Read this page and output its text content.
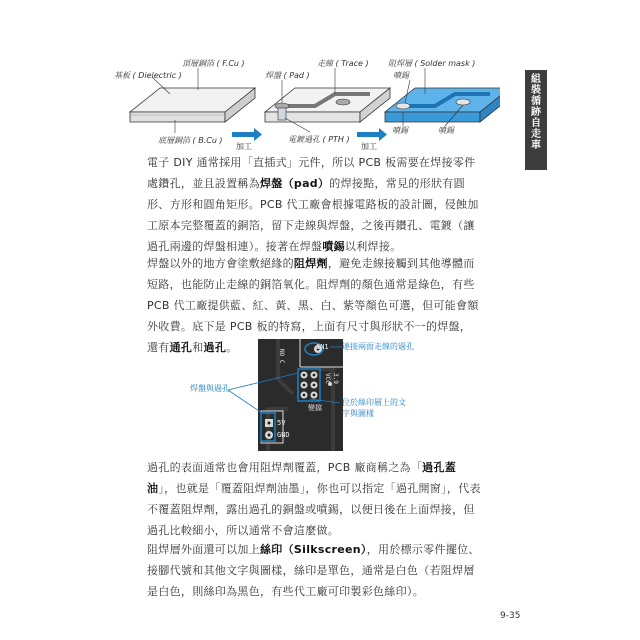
組
裝
循
跡
自
走
車
基板 ( Dielectric )
頂層銅箔 ( F.Cu )
底層銅箔 ( B.Cu )
焊盤 ( Pad )
走線 ( Trace )
電鍍過孔 ( PTH )
阻焊層 ( Solder mask )
噴錫
噴錫	噴錫
加工	加工

電子 DIY 通常採用「直插式」元件，所以 PCB 板需要在焊接零件處鑽孔，並且設置稱為焊盤（pad）的焊接點，常見的形狀有圓形、方形和圓角矩形。PCB 代工廠會根據電路板的設計圖，侵蝕加工原本完整覆蓋的銅箔，留下走線與焊盤，之後再鑽孔、電鍍（讓過孔兩邊的焊盤相連）。接著在焊盤噴錫以利焊接。

焊盤以外的地方會塗敷絕緣的阻焊劑，避免走線接觸到其他導體而短路，也能防止走線的銅箔氧化。阻焊劑的顏色通常是綠色，有些 PCB 代工廠提供藍、紅、黃、黑、白、紫等顏色可選，但可能會額外收費。底下是 PCB 板的特寫，上面有尺寸與形狀不一的焊盤，還有通孔和過孔。	IN1
NO C
VCC 3.9
變擋
5V
GND
連接兩面走線的過孔
焊盤與過孔
位於絲印層上的文字與圖樣

過孔的表面通常也會用阻焊劑覆蓋，PCB 廠商稱之為「過孔蓋油」，也就是「覆蓋阻焊劑油墨」，你也可以指定「過孔開窗」，代表不覆蓋阻焊劑，露出過孔的銅盤或噴錫，以便日後在上面焊接，但過孔比較細小，所以通常不會這麼做。

阻焊層外面還可以加上絲印（Silkscreen），用於標示零件擺位、接腳代號和其他文字與圖樣，絲印是單色，通常是白色（若阻焊層是白色，則絲印為黑色，有些代工廠可印製彩色絲印）。

9-35
